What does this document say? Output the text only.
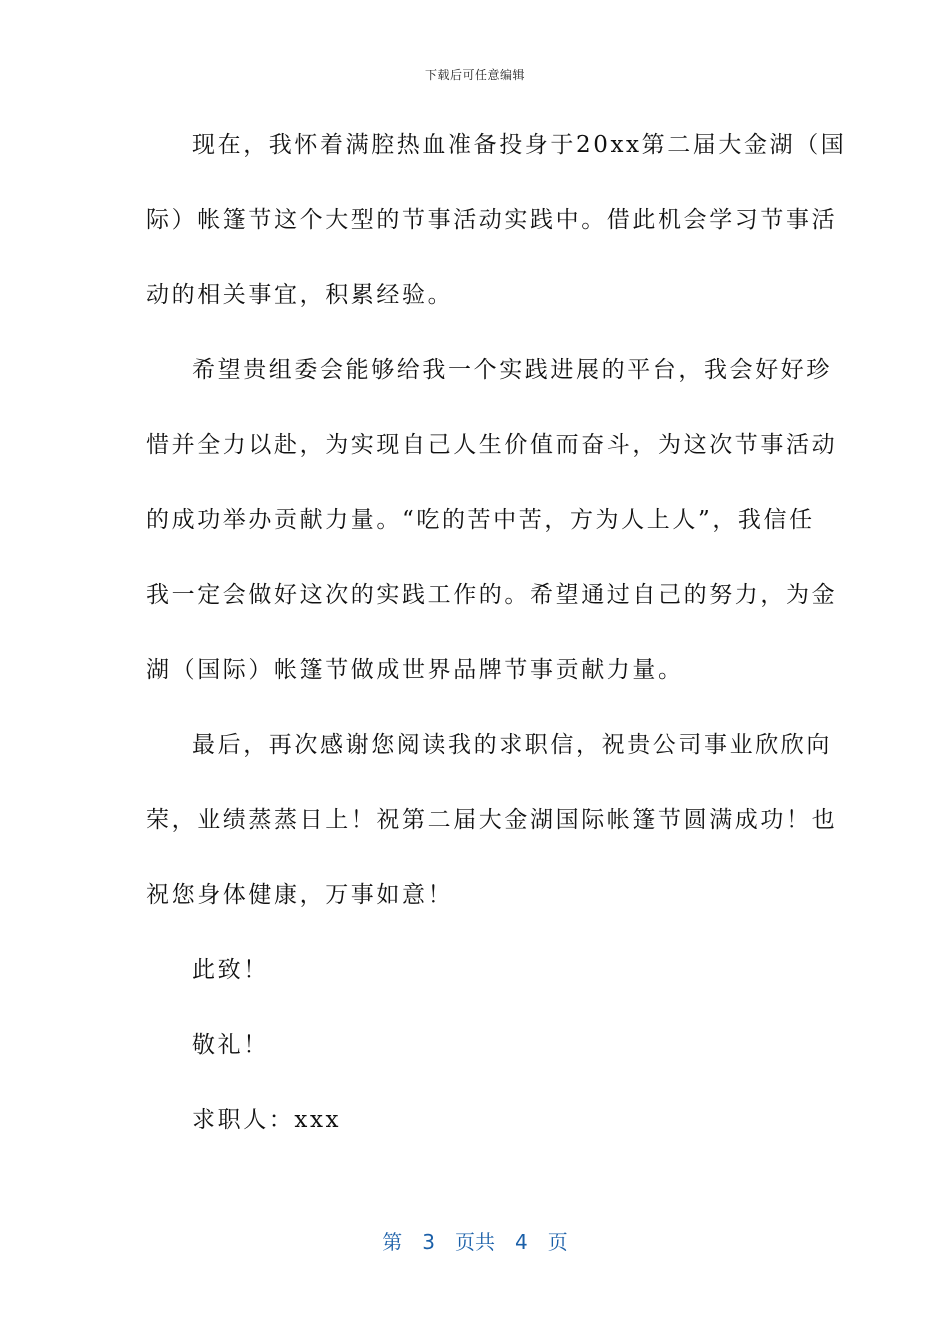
下载后可任意编辑
现在，我怀着满腔热血准备投身于20xx第二届大金湖（国
际）帐篷节这个大型的节事活动实践中。借此机会学习节事活
动的相关事宜，积累经验。
希望贵组委会能够给我一个实践进展的平台，我会好好珍
惜并全力以赴，为实现自己人生价值而奋斗，为这次节事活动
的成功举办贡献力量。“吃的苦中苦，方为人上人”，我信任
我一定会做好这次的实践工作的。希望通过自己的努力，为金
湖（国际）帐篷节做成世界品牌节事贡献力量。
最后，再次感谢您阅读我的求职信，祝贵公司事业欣欣向
荣，业绩蒸蒸日上！祝第二届大金湖国际帐篷节圆满成功！也
祝您身体健康，万事如意！
此致！
敬礼！
求职人：xxx
第 3 页共 4 页
